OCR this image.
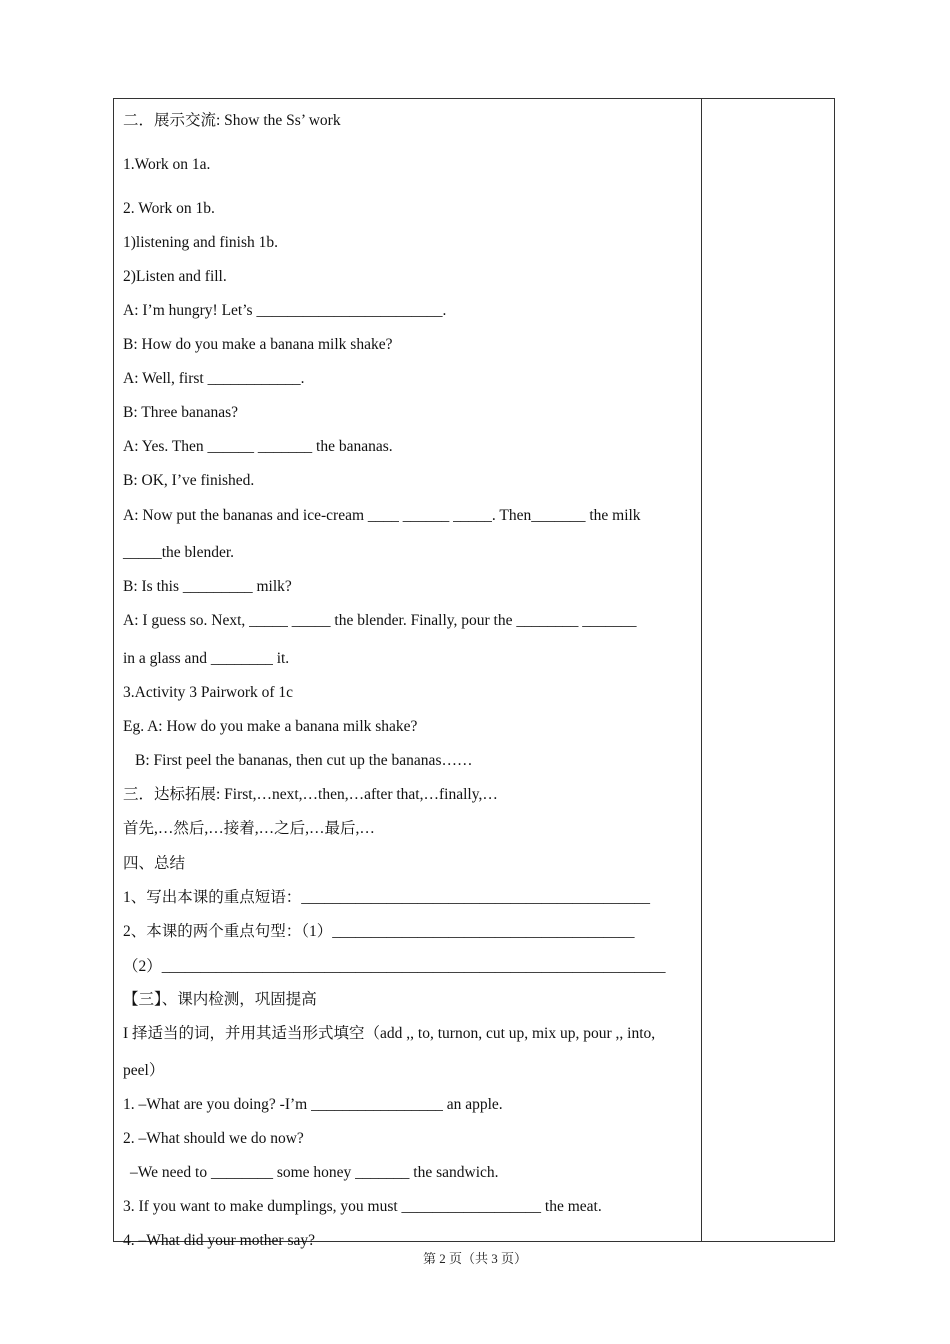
二．展示交流: Show the Ss’ work
1.Work on 1a.
2. Work on 1b.
1)listening and finish 1b.
2)Listen and fill.
A: I’m hungry! Let’s ________________________.
B: How do you make a banana milk shake?
A: Well, first ____________.
B: Three bananas?
A: Yes. Then ______ _______ the bananas.
B: OK, I’ve finished.
A: Now put the bananas and ice-cream ____ ______ _____. Then_______ the milk
_____the blender.
B: Is this _________ milk?
A: I guess so. Next, _____ _____ the blender. Finally, pour the ________ _______
in a glass and ________ it.
3.Activity 3 Pairwork of 1c
Eg. A: How do you make a banana milk shake?
B: First peel the bananas, then cut up the bananas……
三．达标拓展: First,…next,…then,…after that,…finally,…
首先,…然后,…接着,…之后,…最后,…
四、总结
1、写出本课的重点短语：_____________________________________________
2、本课的两个重点句型：（1）_______________________________________
（2）_________________________________________________________________
【三】、课内检测，巩固提高
I 择适当的词，并用其适当形式填空（add ,, to, turnon, cut up, mix up, pour ,, into,
peel）
1. –What are you doing? -I’m _________________ an apple.
2. –What should we do now?
–We need to ________ some honey _______ the sandwich.
3. If you want to make dumplings, you must __________________ the meat.
4. –What did your mother say?
第 2 页（共 3 页）
